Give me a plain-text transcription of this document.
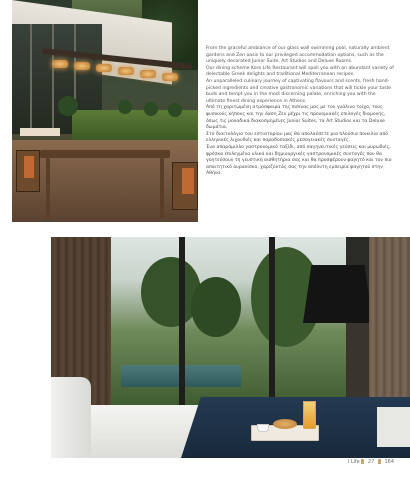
From the graceful ambiance of our glass wall swimming pool, naturally ambient gardens and Zen oasis to our privileged accommodation options, such as the uniquely decorated Junior Suite, Art Studios and Deluxe Rooms.

Our dining scheme Kore Life Restaurant will spoil you with an abundant variety of delectable Greek delights and traditional Mediterranean recipes.

An unparalleled culinary journey of captivating flavours and scents, fresh hand-picked ingredients and creative gastronomic variations that will tickle your taste buds and tempt you in the most discerning palate, enriching you with the ultimate finest dining experience in Athens.

Από τη χαριτωμένη ατμόσφαιρα της πισίνας μας με τον γυάλινο τοίχο, τους φυσικούς κήπους και την όαση Ζεν μέχρι τις προνομιακές επιλογές διαμονής, όπως τις μοναδικά διακοσμημένες Junior Suites, τα Art Studios και τα Deluxe δωμάτια.

Στο διαιτολόγιο του εστιατορίου μας θα απολαύσετε μια πλούσια ποικιλία από ελληνικές λιχουδιές και παραδοσιακές μεσογειακές συνταγές.

Ένα απαράμιλλο γαστρονομικό ταξίδι, από σαγηνευτικές γεύσεις και μυρωδιές, φρέσκα επιλεγμένα υλικά και δημιουργικές γαστρονομικές συνταγές που θα γοητεύσουν τη γευστική αισθητήρια σας και θα προσφέρουν φαγητό και τον πιο απαιτητικό ουρανίσκο, χαρίζοντάς σας την απόλυτη εμπειρία φαγητού στην Αθήνα.

I Life 27 164
